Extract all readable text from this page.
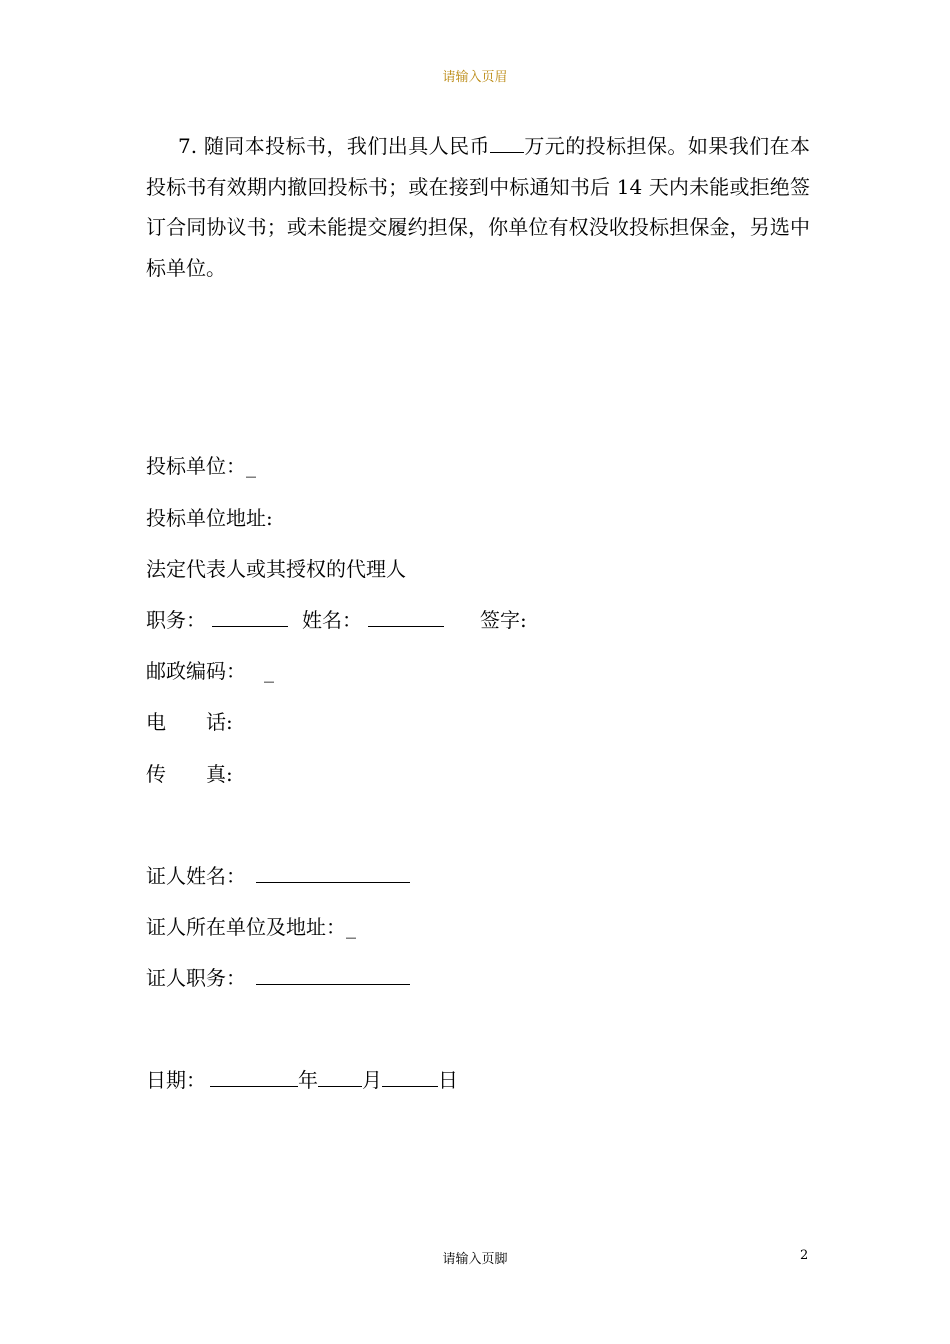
请输入页眉
7. 随同本投标书，我们出具人民币 万元的投标担保。如果我们在本投标书有效期内撤回投标书；或在接到中标通知书后 14 天内未能或拒绝签订合同协议书；或未能提交履约担保，你单位有权没收投标担保金，另选中标单位。
投标单位：_
投标单位地址:
法定代表人或其授权的代理人
职务：	姓名：	签字:
邮政编码： _
电　　话:
传　　真:
证人姓名：
证人所在单位及地址：_
证人职务：
日期：	年 月	日
请输入页脚	2
